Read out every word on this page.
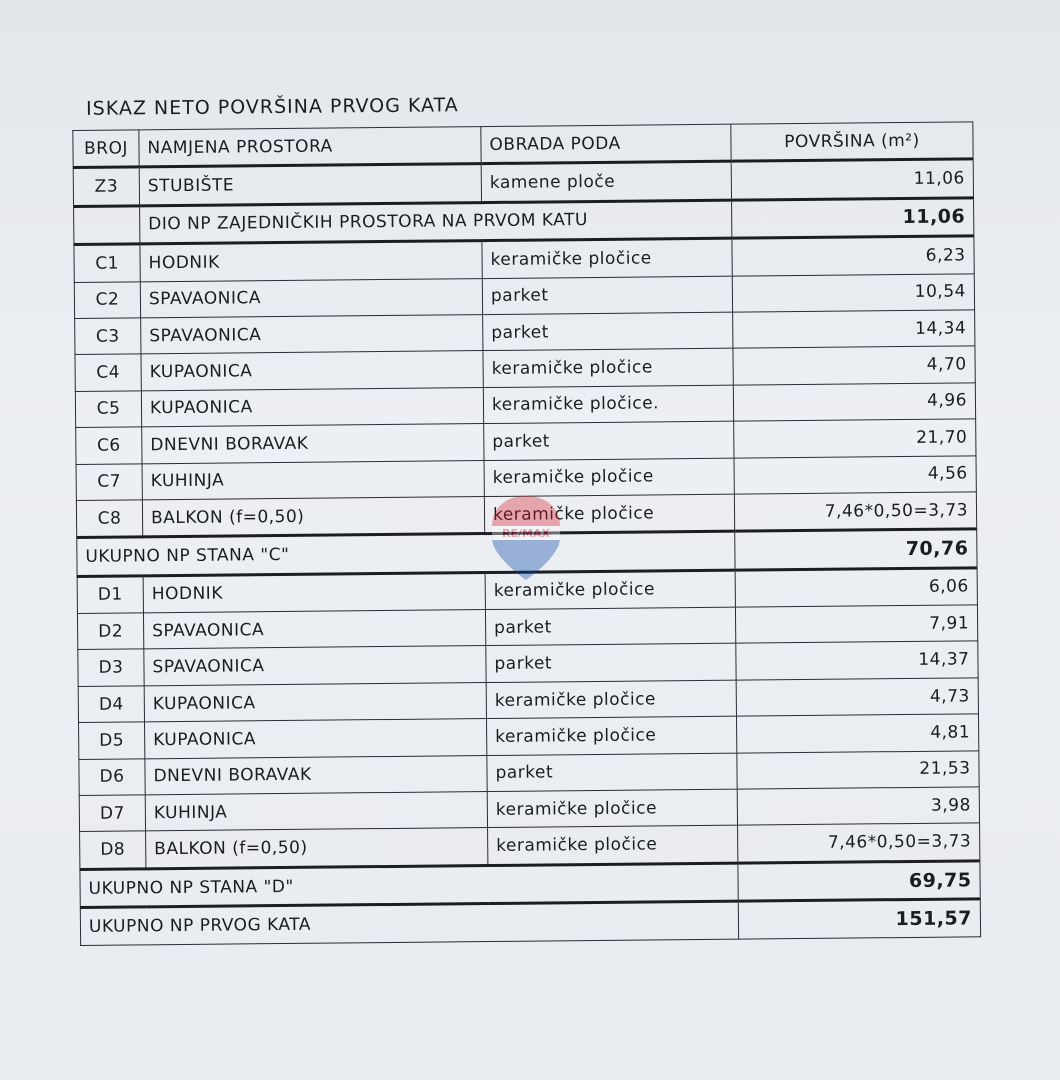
ISKAZ NETO POVRŠINA PRVOG KATA
BROJ	NAMJENA PROSTORA	OBRADA PODA	POVRŠINA (m²)
Z3	STUBIŠTE	kamene ploče	11,06
	DIO NP ZAJEDNIČKIH PROSTORA NA PRVOM KATU		11,06
C1	HODNIK	keramičke pločice	6,23
C2	SPAVAONICA	parket	10,54
C3	SPAVAONICA	parket	14,34
C4	KUPAONICA	keramičke pločice	4,70
C5	KUPAONICA	keramičke pločice.	4,96
C6	DNEVNI BORAVAK	parket	21,70
C7	KUHINJA	keramičke pločice	4,56
C8	BALKON (f=0,50)	keramičke pločice	7,46*0,50=3,73
UKUPNO NP STANA "C"			70,76
D1	HODNIK	keramičke pločice	6,06
D2	SPAVAONICA	parket	7,91
D3	SPAVAONICA	parket	14,37
D4	KUPAONICA	keramičke pločice	4,73
D5	KUPAONICA	keramičke pločice	4,81
D6	DNEVNI BORAVAK	parket	21,53
D7	KUHINJA	keramičke pločice	3,98
D8	BALKON (f=0,50)	keramičke pločice	7,46*0,50=3,73
UKUPNO NP STANA "D"			69,75
UKUPNO NP PRVOG KATA			151,57
RE/MAX
